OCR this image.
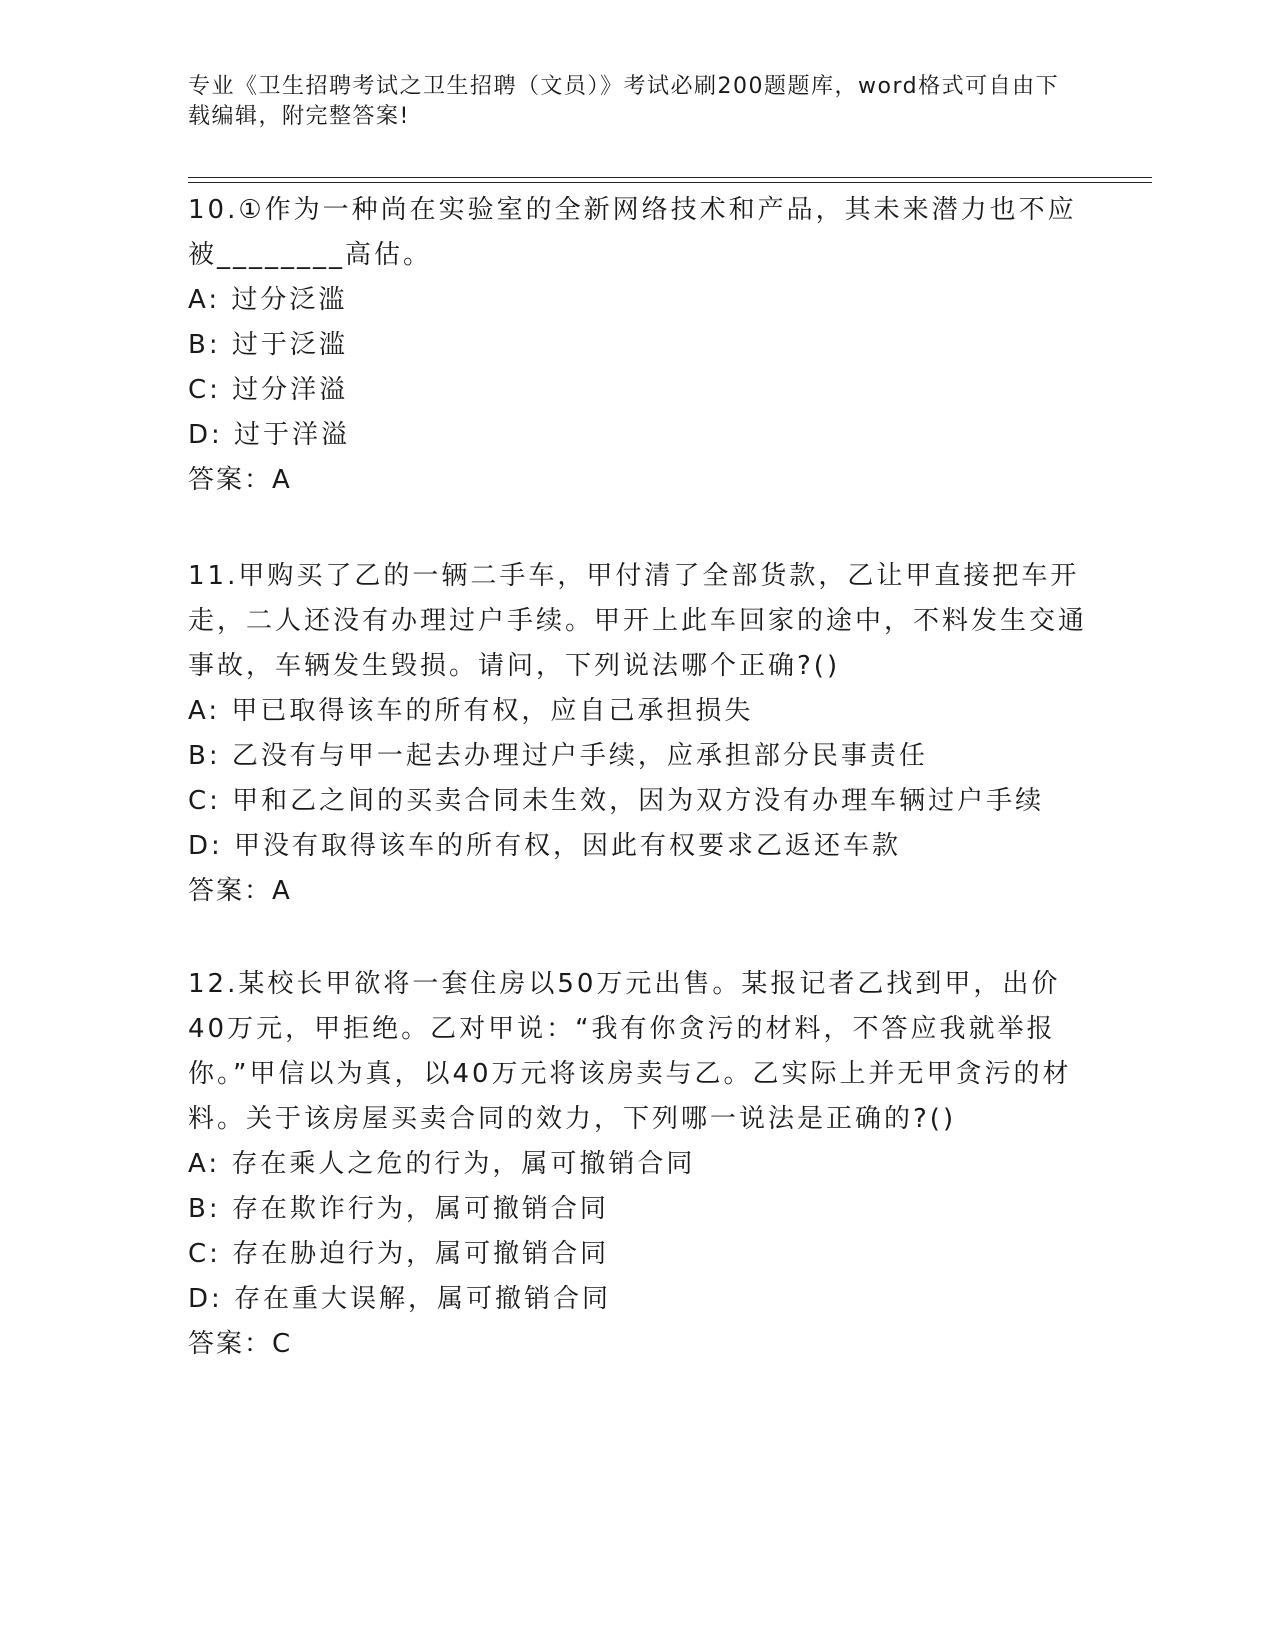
专业《卫生招聘考试之卫生招聘（文员）》考试必刷200题题库，word格式可自由下载编辑，附完整答案!

10.①作为一种尚在实验室的全新网络技术和产品，其未来潜力也不应被________高估。

A: 过分泛滥

B: 过于泛滥

C: 过分洋溢

D: 过于洋溢

答案：A

11.甲购买了乙的一辆二手车，甲付清了全部货款，乙让甲直接把车开走，二人还没有办理过户手续。甲开上此车回家的途中，不料发生交通事故，车辆发生毁损。请问，下列说法哪个正确?()

A: 甲已取得该车的所有权，应自己承担损失

B: 乙没有与甲一起去办理过户手续，应承担部分民事责任

C: 甲和乙之间的买卖合同未生效，因为双方没有办理车辆过户手续

D: 甲没有取得该车的所有权，因此有权要求乙返还车款

答案：A

12.某校长甲欲将一套住房以50万元出售。某报记者乙找到甲，出价40万元，甲拒绝。乙对甲说：“我有你贪污的材料，不答应我就举报你。”甲信以为真，以40万元将该房卖与乙。乙实际上并无甲贪污的材料。关于该房屋买卖合同的效力，下列哪一说法是正确的?()

A: 存在乘人之危的行为，属可撤销合同

B: 存在欺诈行为，属可撤销合同

C: 存在胁迫行为，属可撤销合同

D: 存在重大误解，属可撤销合同

答案：C
